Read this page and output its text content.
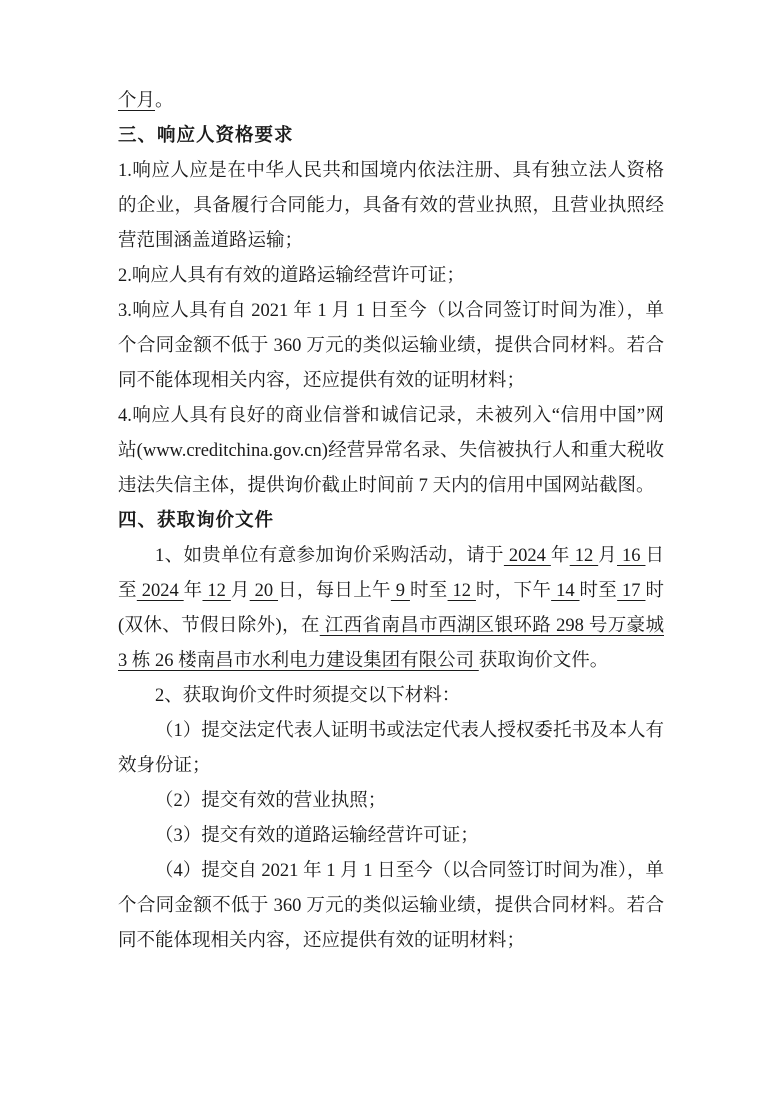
个月。

三、响应人资格要求

1.响应人应是在中华人民共和国境内依法注册、具有独立法人资格的企业，具备履行合同能力，具备有效的营业执照，且营业执照经营范围涵盖道路运输；

2.响应人具有有效的道路运输经营许可证；

3.响应人具有自 2021 年 1 月 1 日至今（以合同签订时间为准），单个合同金额不低于 360 万元的类似运输业绩，提供合同材料。若合同不能体现相关内容，还应提供有效的证明材料；

4.响应人具有良好的商业信誉和诚信记录，未被列入“信用中国”网站(www.creditchina.gov.cn)经营异常名录、失信被执行人和重大税收违法失信主体，提供询价截止时间前 7 天内的信用中国网站截图。

四、获取询价文件

1、如贵单位有意参加询价采购活动，请于 2024 年 12 月 16 日至 2024 年 12 月 20 日，每日上午 9 时至 12 时，下午 14 时至 17 时(双休、节假日除外)，在 江西省南昌市西湖区银环路 298 号万豪城 3 栋 26 楼南昌市水利电力建设集团有限公司 获取询价文件。

2、获取询价文件时须提交以下材料：

（1）提交法定代表人证明书或法定代表人授权委托书及本人有效身份证；

（2）提交有效的营业执照；

（3）提交有效的道路运输经营许可证；

（4）提交自 2021 年 1 月 1 日至今（以合同签订时间为准），单个合同金额不低于 360 万元的类似运输业绩，提供合同材料。若合同不能体现相关内容，还应提供有效的证明材料；
